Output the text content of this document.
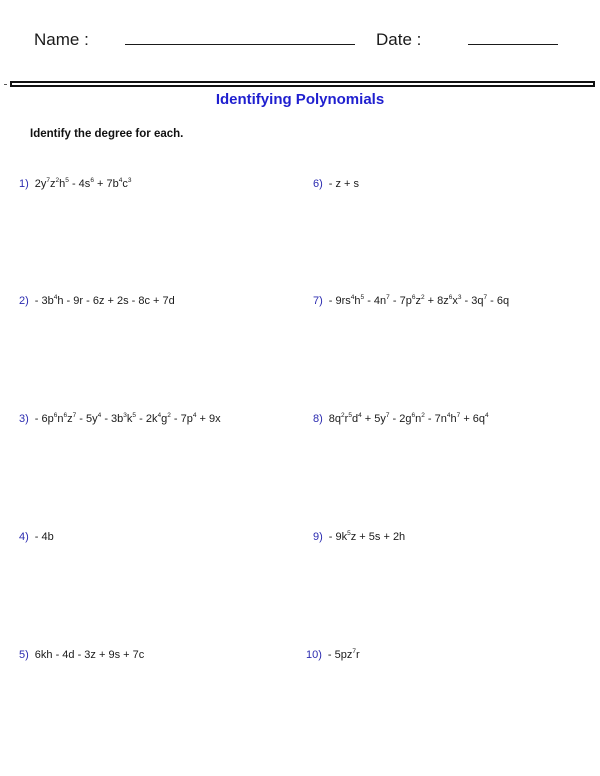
Name :	Date :
Identifying Polynomials
Identify the degree for each.
1) $2y^7z^2h^5 - 4s^6 + 7b^4c^3$
$2) - 3b^4h - 9r - 6z + 2s - 8c + 7d$
$3) - 6p^6n^6z^7 - 5y^4 - 3b^3k^5 - 2k^4g^2 - 7p^4 + 9x$
4) - 4b
5) 6kh - 4d - 3z + 9s + 7c
6) - z + s
$7) - 9rs^4h^5 - 4n^7 - 7p^6z^2 + 8z^6x^3 - 3q^7 - 6q$
8) $8q^2r^5d^4 + 5y^7 - 2g^6n^2 - 7n^4h^7 + 6q^4$
$9) - 9k^5z + 5s + 2h$
$10) - 5pz^7r$
